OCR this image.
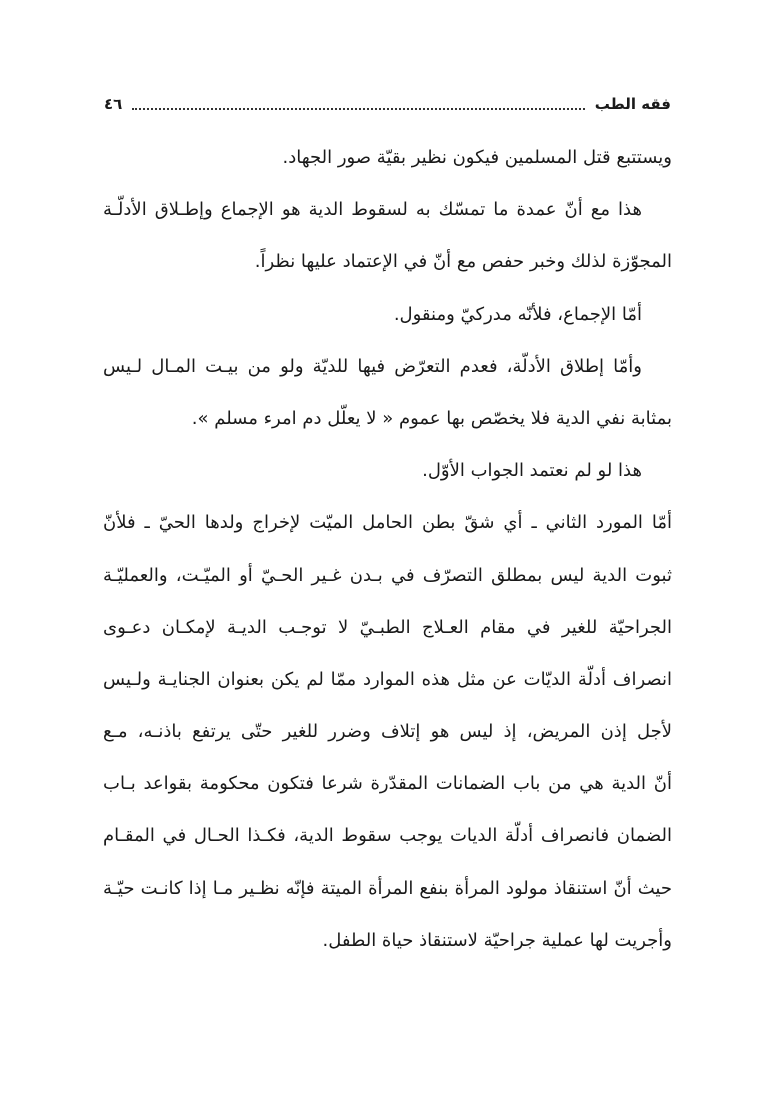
فقه الطب
٤٦
ويستتبع قتل المسلمين فيكون نظير بقيّة صور الجهاد.
هذا مع أنّ عمدة ما تمسّك به لسقوط الدية هو الإجماع وإطـلاق الأدلّـة
المجوّزة لذلك وخبر حفص مع أنّ في الإعتماد عليها نظراً.
أمّا الإجماع، فلأنّه مدركيّ ومنقول.
وأمّا إطلاق الأدلّة، فعدم التعرّض فيها للديّة ولو من بيـت المـال لـيس
بمثابة نفي الدية فلا يخصّص بها عموم « لا يعلّل دم امرء مسلم ».
هذا لو لم نعتمد الجواب الأوّل.
أمّا المورد الثاني ـ أي شقّ بطن الحامل الميّت لإخراج ولدها الحيّ ـ فلأنّ
ثبوت الدية ليس بمطلق التصرّف في بـدن غـير الحـيّ أو الميّـت، والعمليّـة
الجراحيّة للغير في مقام العـلاج الطبـيّ لا توجـب الديـة لإمكـان دعـوى
انصراف أدلّة الديّات عن مثل هذه الموارد ممّا لم يكن بعنوان الجنايـة ولـيس
لأجل إذن المريض، إذ ليس هو إتلاف وضرر للغير حتّى يرتفع باذنـه، مـع
أنّ الدية هي من باب الضمانات المقدّرة شرعا فتكون محكومة بقواعد بـاب
الضمان فانصراف أدلّة الديات يوجب سقوط الدية، فكـذا الحـال في المقـام
حيث أنّ استنقاذ مولود المرأة بنفع المرأة الميتة فإنّه نظـير مـا إذا كانـت حيّـة
وأجريت لها عملية جراحيّة لاستنقاذ حياة الطفل.
